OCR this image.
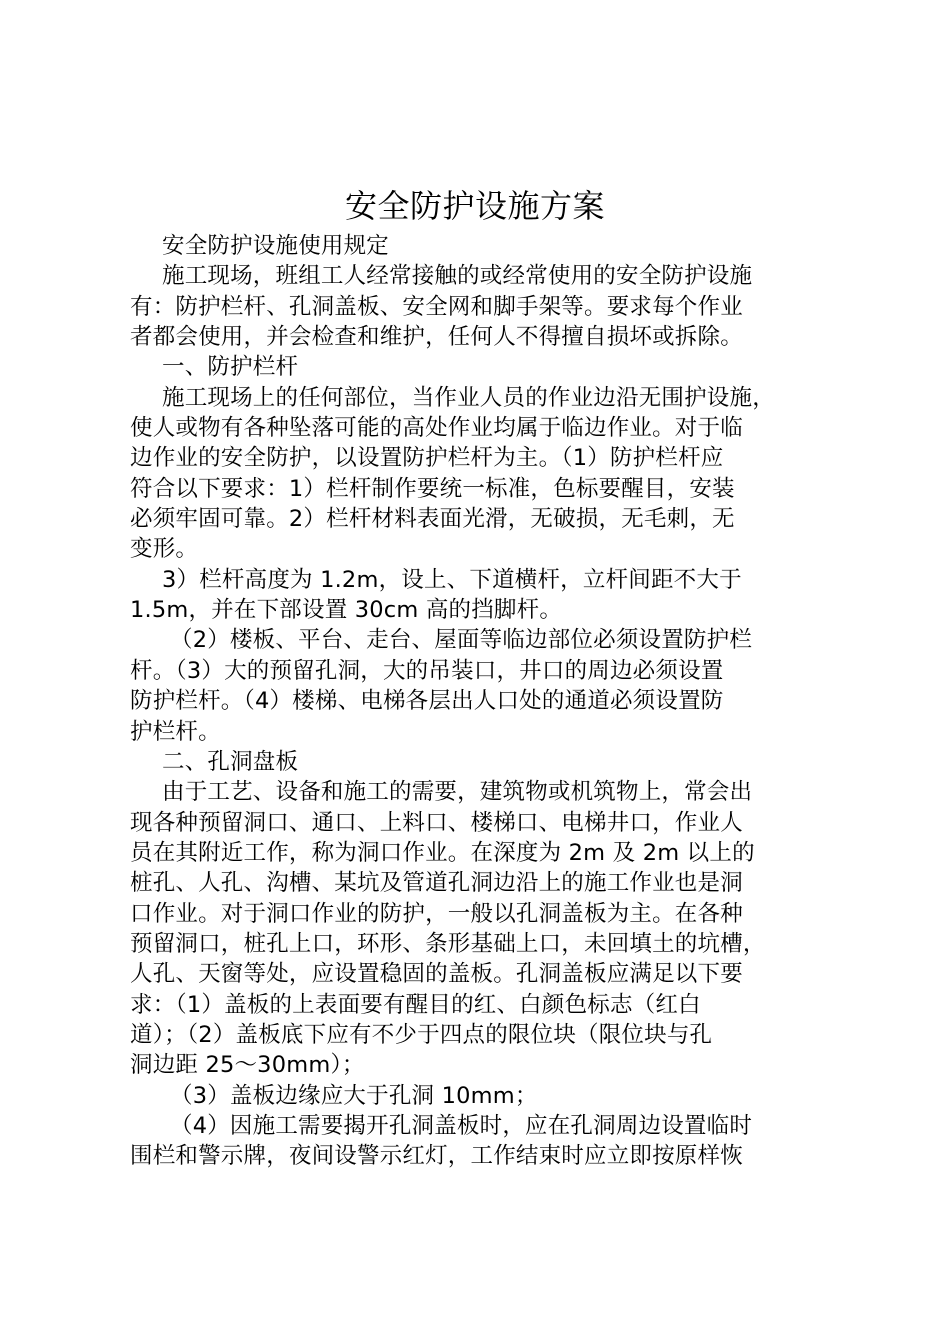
安全防护设施方案
安全防护设施使用规定
施工现场，班组工人经常接触的或经常使用的安全防护设施
有：防护栏杆、孔洞盖板、安全网和脚手架等。要求每个作业
者都会使用，并会检查和维护，任何人不得擅自损坏或拆除。
一、防护栏杆
施工现场上的任何部位，当作业人员的作业边沿无围护设施，
使人或物有各种坠落可能的高处作业均属于临边作业。对于临
边作业的安全防护，以设置防护栏杆为主。（1）防护栏杆应
符合以下要求：1）栏杆制作要统一标准，色标要醒目，安装
必须牢固可靠。2）栏杆材料表面光滑，无破损，无毛刺，无
变形。
3）栏杆高度为 1.2m，设上、下道横杆，立杆间距不大于
1.5m，并在下部设置 30cm 高的挡脚杆。
（2）楼板、平台、走台、屋面等临边部位必须设置防护栏
杆。（3）大的预留孔洞，大的吊装口，井口的周边必须设置
防护栏杆。（4）楼梯、电梯各层出人口处的通道必须设置防
护栏杆。
二、孔洞盘板
由于工艺、设备和施工的需要，建筑物或机筑物上，常会出
现各种预留洞口、通口、上料口、楼梯口、电梯井口，作业人
员在其附近工作，称为洞口作业。在深度为 2m 及 2m 以上的
桩孔、人孔、沟槽、某坑及管道孔洞边沿上的施工作业也是洞
口作业。对于洞口作业的防护，一般以孔洞盖板为主。在各种
预留洞口，桩孔上口，环形、条形基础上口，未回填土的坑槽，
人孔、天窗等处，应设置稳固的盖板。孔洞盖板应满足以下要
求：（1）盖板的上表面要有醒目的红、白颜色标志（红白
道）；（2）盖板底下应有不少于四点的限位块（限位块与孔
洞边距 25～30mm）；
（3）盖板边缘应大于孔洞 10mm；
（4）因施工需要揭开孔洞盖板时，应在孔洞周边设置临时
围栏和警示牌，夜间设警示红灯，工作结束时应立即按原样恢
